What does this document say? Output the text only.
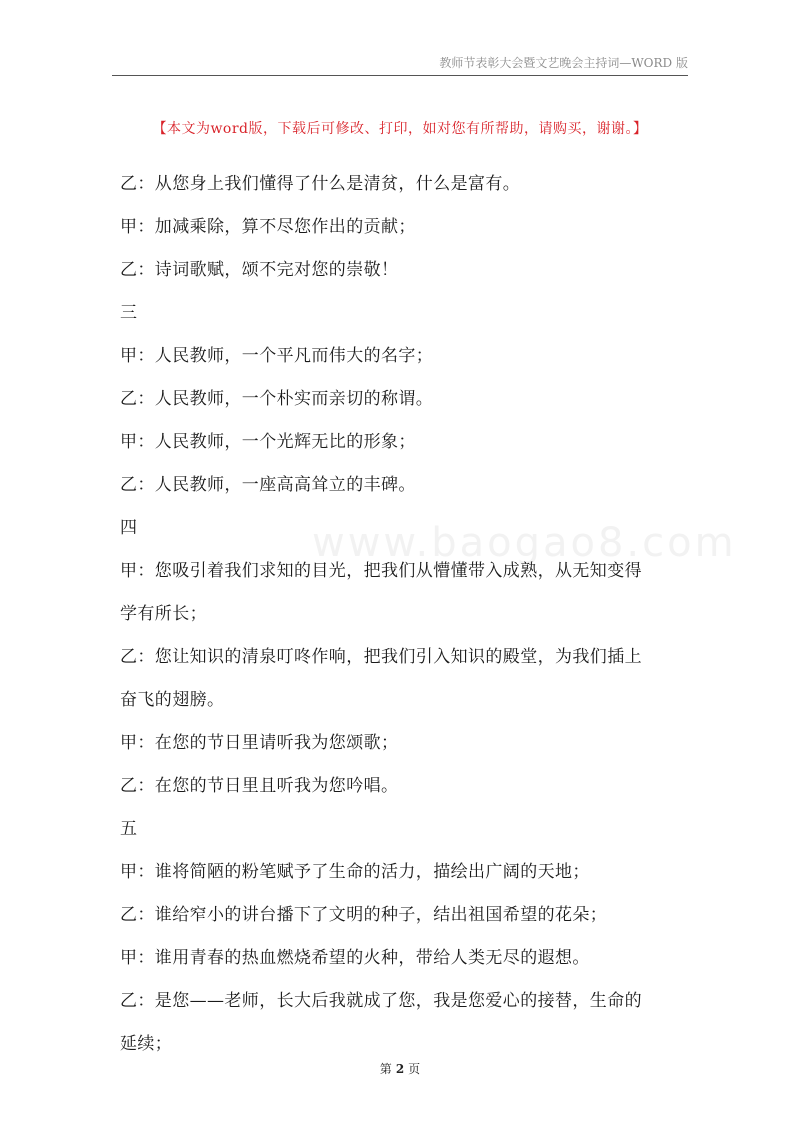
教师节表彰大会暨文艺晚会主持词—WORD 版
【本文为word版，下载后可修改、打印，如对您有所帮助，请购买，谢谢。】
www.baogao8.com
乙：从您身上我们懂得了什么是清贫，什么是富有。
甲：加减乘除，算不尽您作出的贡献；
乙：诗词歌赋，颂不完对您的崇敬！
三
甲：人民教师，一个平凡而伟大的名字；
乙：人民教师，一个朴实而亲切的称谓。
甲：人民教师，一个光辉无比的形象；
乙：人民教师，一座高高耸立的丰碑。
四
甲：您吸引着我们求知的目光，把我们从懵懂带入成熟，从无知变得
学有所长；
乙：您让知识的清泉叮咚作响，把我们引入知识的殿堂，为我们插上
奋飞的翅膀。
甲：在您的节日里请听我为您颂歌；
乙：在您的节日里且听我为您吟唱。
五
甲：谁将简陋的粉笔赋予了生命的活力，描绘出广阔的天地；
乙：谁给窄小的讲台播下了文明的种子，结出祖国希望的花朵；
甲：谁用青春的热血燃烧希望的火种，带给人类无尽的遐想。
乙：是您——老师，长大后我就成了您，我是您爱心的接替，生命的
延续；
第 2 页
